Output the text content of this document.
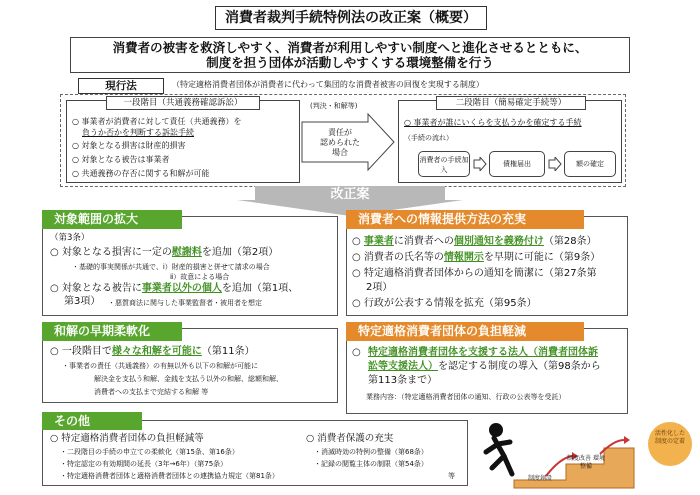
消費者裁判手続特例法の改正案（概要）
消費者の被害を救済しやすく、消費者が利用しやすい制度へと進化させるとともに、
制度を担う団体が活動しやすくする環境整備を行う
現行法	（特定適格消費者団体が消費者に代わって集団的な消費者被害の回復を実現する制度）
一段階目（共通義務確認訴訟）
○ 事業者が消費者に対して責任（共通義務）を
負うか否かを判断する訴訟手続
○ 対象となる損害は財産的損害
○ 対象となる被告は事業者
○ 共通義務の存否に関する和解が可能
(判決・和解等)
責任が
認められた
場合
二段階目（簡易確定手続等）
○ 事業者が誰にいくらを支払うかを確定する手続
（手続の流れ）
消費者の手続加入
債権届出	額の確定
改正案
対象範囲の拡大
（第3条）
○ 対象となる損害に一定の慰謝料を追加（第2項）
・基礎的事実関係が共通で、ⅰ）財産的損害と併せて請求の場合
ⅱ）故意による場合
○ 対象となる被告に事業者以外の個人を追加（第1項、
第3項） ・悪質商法に関与した事業監督者・被用者を想定
和解の早期柔軟化
○ 一段階目で様々な和解を可能に（第11条）
・事業者の責任（共通義務）の有無以外も以下の和解が可能に
解決金を支払う和解、金銭を支払う以外の和解、総額和解、
消費者への支払まで完結する和解 等
その他
○ 特定適格消費者団体の負担軽減等
・二段階目の手続の申立ての柔軟化（第15条、第16条）
・特定認定の有効期間の延長（3年→6年）（第75条）
・特定適格消費者団体と適格消費者団体との連携協力規定（第81条）
○ 消費者保護の充実
・消滅時効の特例の整備（第68条）
・記録の閲覧主体の制限（第54条）
等
消費者への情報提供方法の充実
○ 事業者に消費者への個別通知を義務付け（第28条）
○ 消費者の氏名等の情報開示を早期に可能に（第9条）
○ 特定適格消費者団体からの通知を簡潔に（第27条第
2項）
○ 行政が公表する情報を拡充（第95条）
特定適格消費者団体の負担軽減
○ 特定適格消費者団体を支援する法人（消費者団体訴
訟等支援法人）を認定する制度の導入（第98条から
第113条まで）
業務内容：（特定適格消費者団体の通知、行政の公表等を受託）
制度創設
制度改善 環境整備
活性化した制度の定着
